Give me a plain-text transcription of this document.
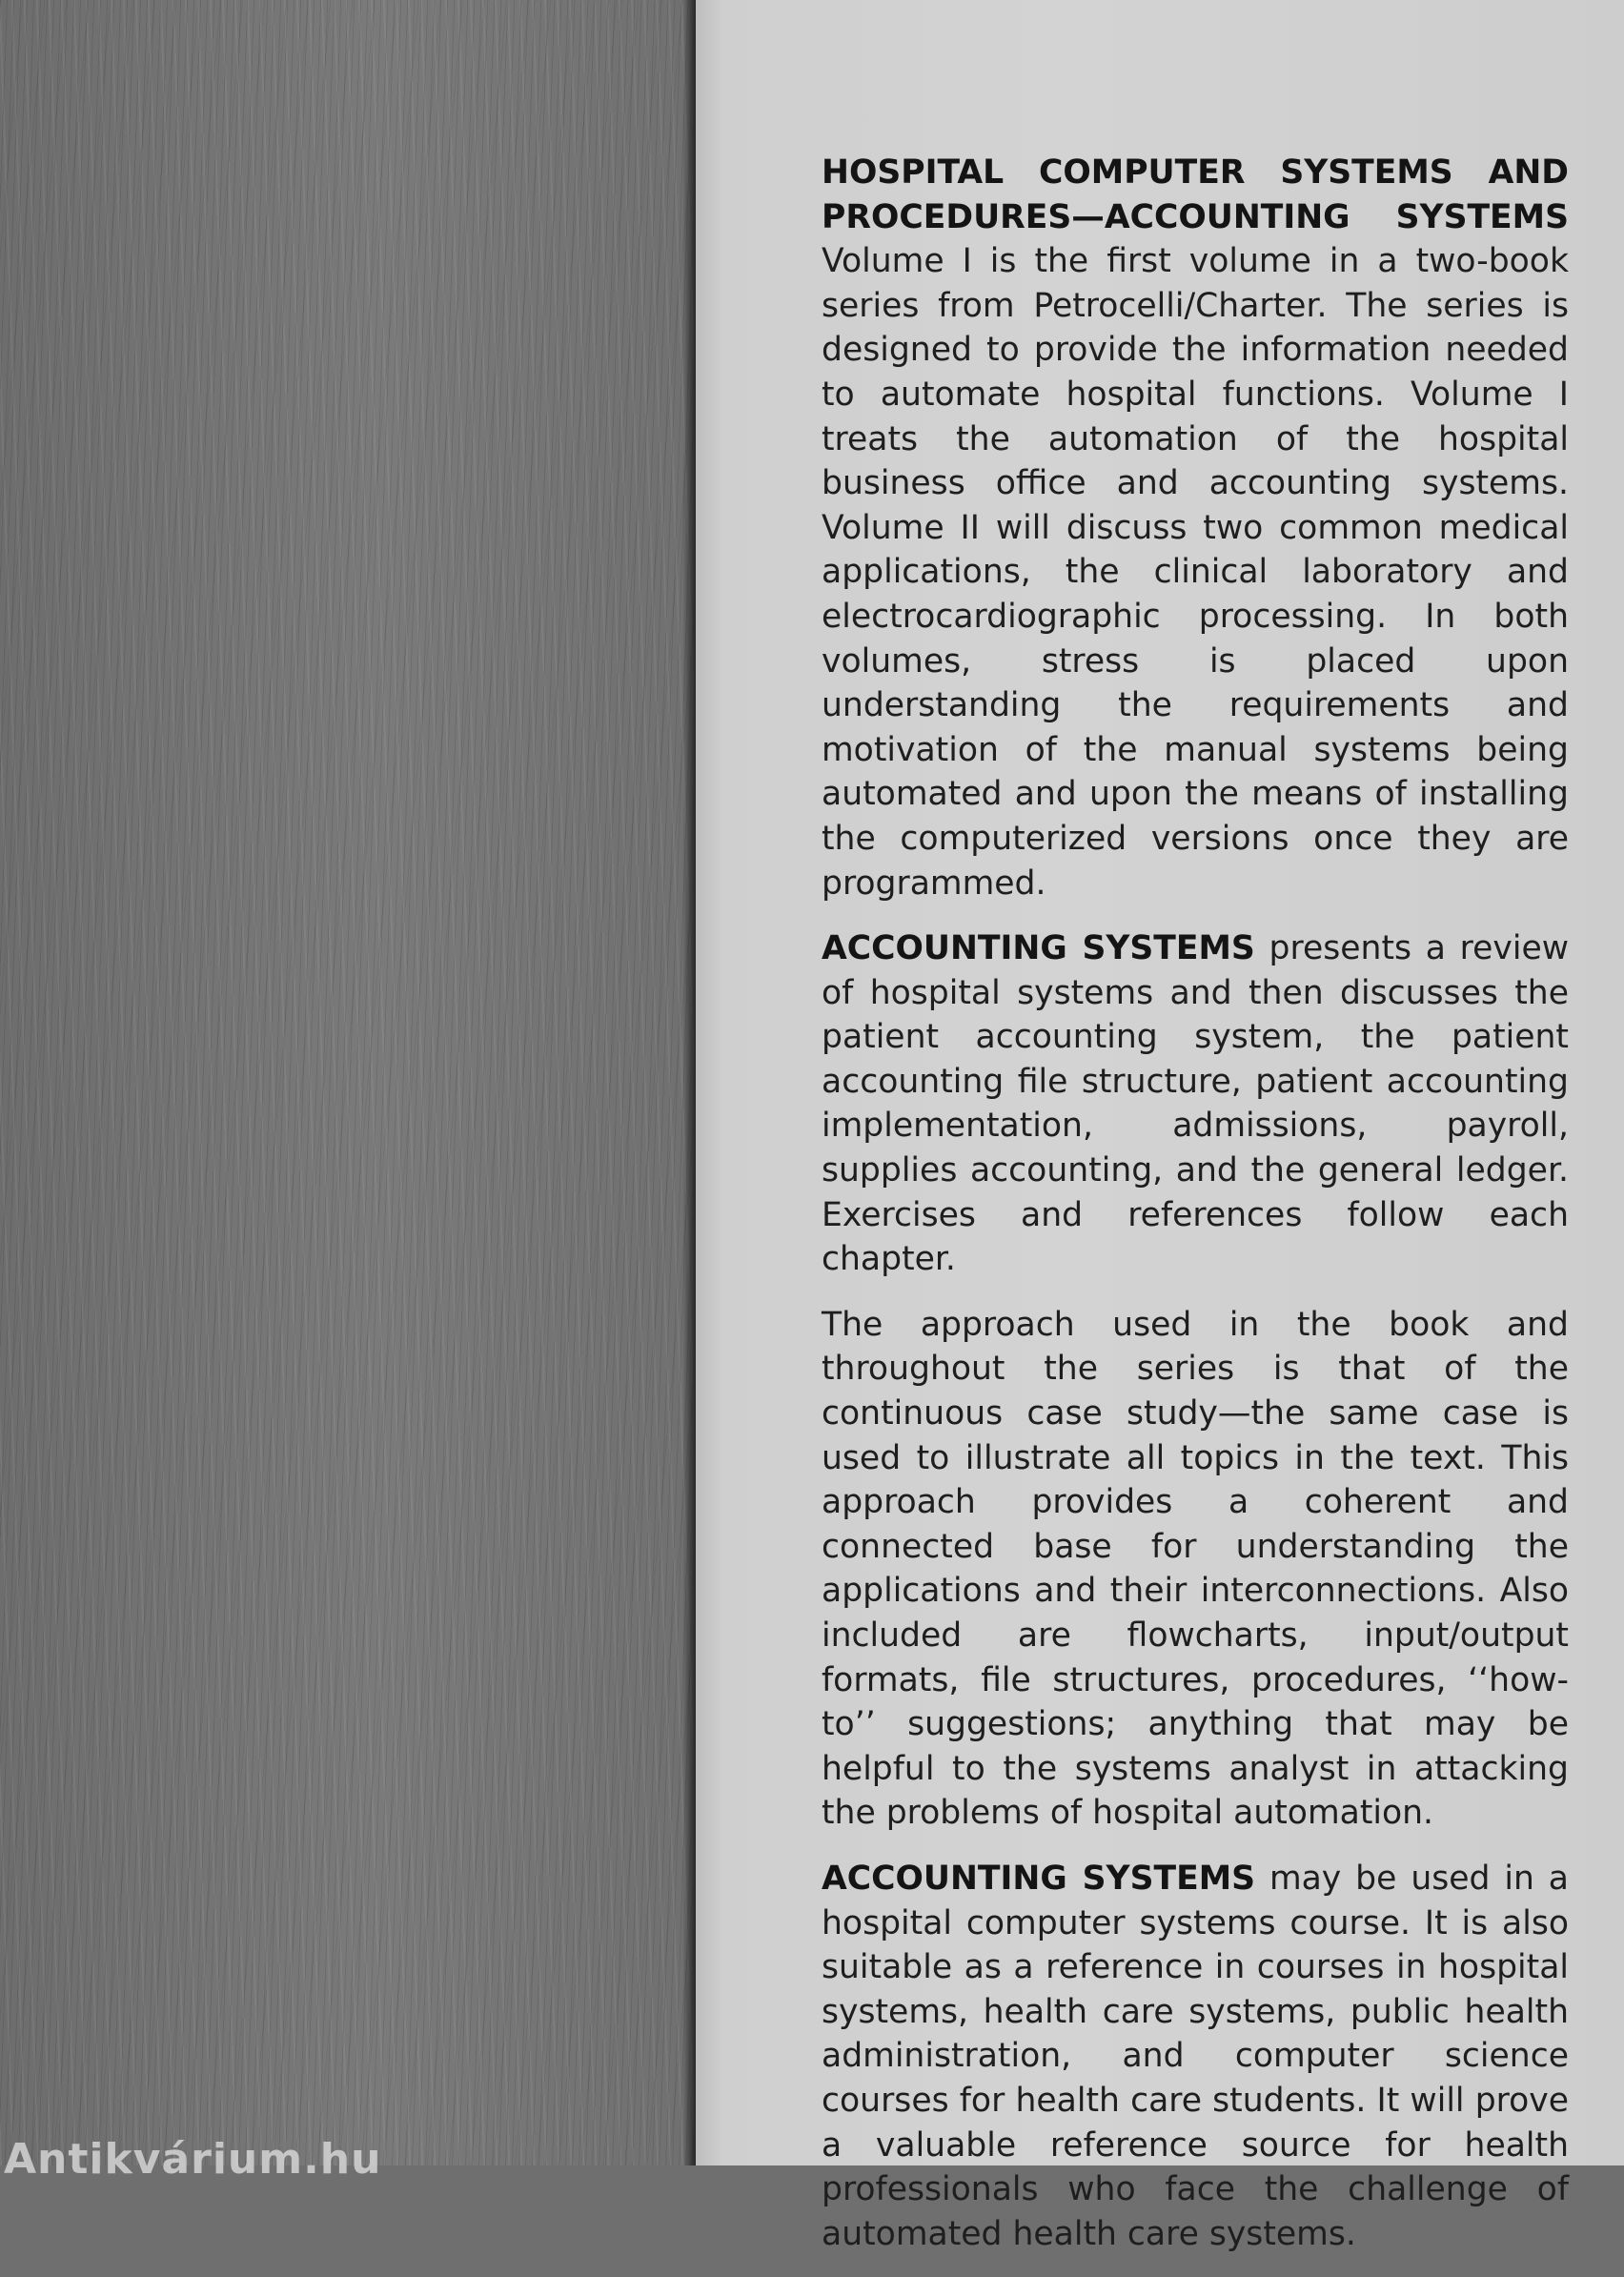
HOSPITAL COMPUTER SYSTEMS AND PROCEDURES—ACCOUNTING SYSTEMS Volume I is the first volume in a two-book series from Petrocelli/Charter. The series is designed to provide the information needed to automate hospital functions. Volume I treats the automation of the hospital business office and accounting systems. Volume II will discuss two common medical applications, the clinical laboratory and electrocardiographic processing. In both volumes, stress is placed upon understanding the requirements and motivation of the manual systems being automated and upon the means of installing the computerized versions once they are programmed.

ACCOUNTING SYSTEMS presents a review of hospital systems and then discusses the patient accounting system, the patient accounting file structure, patient accounting implementation, admissions, payroll, supplies accounting, and the general ledger. Exercises and references follow each chapter.

The approach used in the book and throughout the series is that of the continuous case study—the same case is used to illustrate all topics in the text. This approach provides a coherent and connected base for understanding the applications and their interconnections. Also included are flowcharts, input/output formats, file structures, procedures, ‘‘how-to’’ suggestions; anything that may be helpful to the systems analyst in attacking the problems of hospital automation.

ACCOUNTING SYSTEMS may be used in a hospital computer systems course. It is also suitable as a reference in courses in hospital systems, health care systems, public health administration, and computer science courses for health care students. It will prove a valuable reference source for health professionals who face the challenge of automated health care systems.

Antikvárium.hu
